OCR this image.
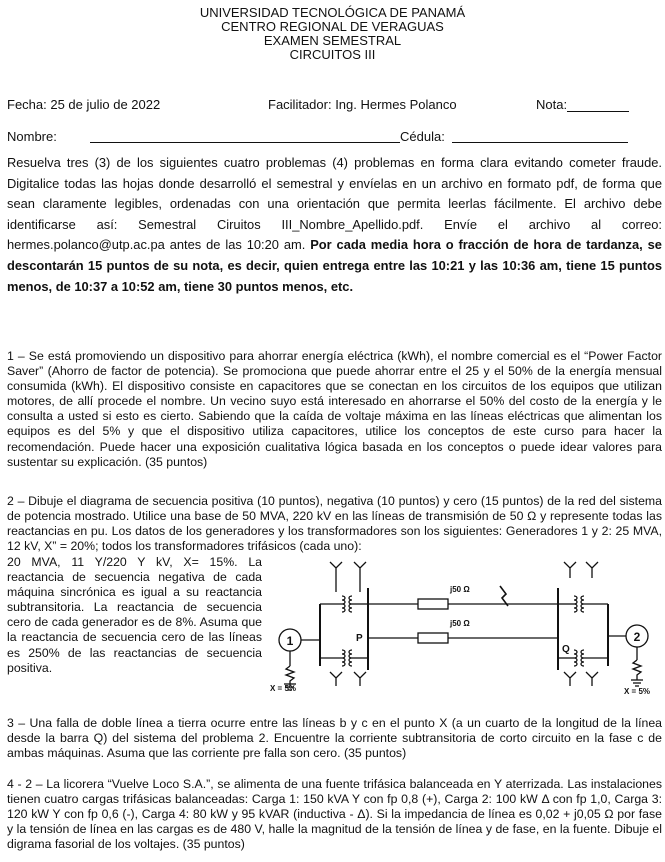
UNIVERSIDAD TECNOLÓGICA DE PANAMÁ
CENTRO REGIONAL DE VERAGUAS
EXAMEN SEMESTRAL
CIRCUITOS III
Fecha: 25 de julio de 2022	Facilitador: Ing. Hermes Polanco	Nota:
Nombre:	Cédula:
Resuelva tres (3) de los siguientes cuatro problemas (4) problemas en forma clara evitando cometer fraude. Digitalice todas las hojas donde desarrolló el semestral y envíelas en un archivo en formato pdf, de forma que sean claramente legibles, ordenadas con una orientación que permita leerlas fácilmente. El archivo debe identificarse así: Semestral Ciruitos III_Nombre_Apellido.pdf. Envíe el archivo al correo: hermes.polanco@utp.ac.pa antes de las 10:20 am. Por cada media hora o fracción de hora de tardanza, se descontarán 15 puntos de su nota, es decir, quien entrega entre las 10:21 y las 10:36 am, tiene 15 puntos menos, de 10:37 a 10:52 am, tiene 30 puntos menos, etc.
1 – Se está promoviendo un dispositivo para ahorrar energía eléctrica (kWh), el nombre comercial es el “Power Factor Saver” (Ahorro de factor de potencia). Se promociona que puede ahorrar entre el 25 y el 50% de la energía mensual consumida (kWh). El dispositivo consiste en capacitores que se conectan en los circuitos de los equipos que utilizan motores, de allí procede el nombre. Un vecino suyo está interesado en ahorrarse el 50% del costo de la energía y le consulta a usted si esto es cierto. Sabiendo que la caída de voltaje máxima en las líneas eléctricas que alimentan los equipos es del 5% y que el dispositivo utiliza capacitores, utilice los conceptos de este curso para hacer la recomendación. Puede hacer una exposición cualitativa lógica basada en los conceptos o puede idear valores para sustentar su explicación. (35 puntos)
2 – Dibuje el diagrama de secuencia positiva (10 puntos), negativa (10 puntos) y cero (15 puntos) de la red del sistema de potencia mostrado. Utilice una base de 50 MVA, 220 kV en las líneas de transmisión de 50 Ω y represente todas las reactancias en pu. Los datos de los generadores y los transformadores son los siguientes: Generadores 1 y 2: 25 MVA, 12 kV, X” = 20%; todos los transformadores trifásicos (cada uno):
20 MVA, 11 Y/220 Y kV, X= 15%. La reactancia de secuencia negativa de cada máquina sincrónica es igual a su reactancia subtransitoria. La reactancia de secuencia cero de cada generador es de 8%. Asuma que la reactancia de secuencia cero de las líneas es 250% de las reactancias de secuencia positiva.
1
X = 5%
P
j50 Ω
j50 Ω
Q
2
X = 5%
3 – Una falla de doble línea a tierra ocurre entre las líneas b y c en el punto X (a un cuarto de la longitud de la línea desde la barra Q) del sistema del problema 2. Encuentre la corriente subtransitoria de corto circuito en la fase c de ambas máquinas. Asuma que las corriente pre falla son cero. (35 puntos)
4 - 2 – La licorera “Vuelve Loco S.A.”, se alimenta de una fuente trifásica balanceada en Y aterrizada. Las instalaciones tienen cuatro cargas trifásicas balanceadas: Carga 1: 150 kVA Y con fp 0,8 (+), Carga 2: 100 kW Δ con fp 1,0, Carga 3: 120 kW Y con fp 0,6 (-), Carga 4: 80 kW y 95 kVAR (inductiva - Δ). Si la impedancia de línea es 0,02 + j0,05 Ω por fase y la tensión de línea en las cargas es de 480 V, halle la magnitud de la tensión de línea y de fase, en la fuente. Dibuje el digrama fasorial de los voltajes. (35 puntos)
